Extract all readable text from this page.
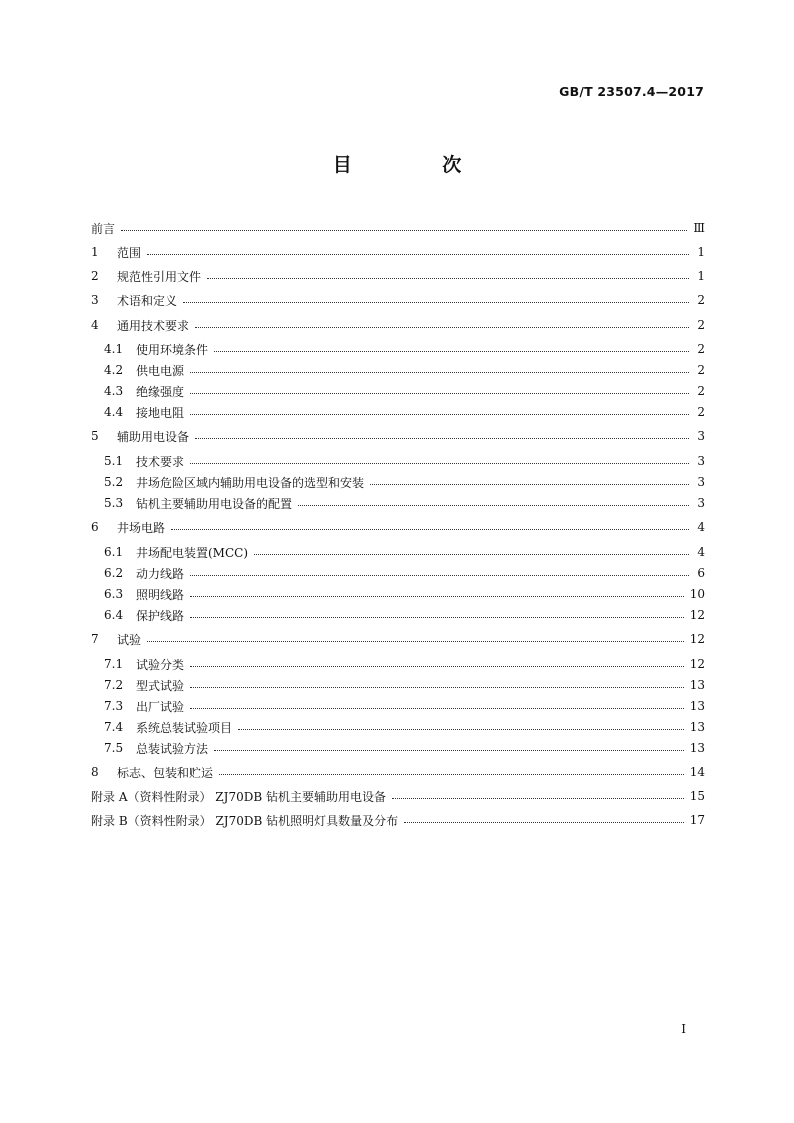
GB/T 23507.4—2017
目 次
前言	Ⅲ
1	范围	1
2	规范性引用文件	1
3	术语和定义	2
4	通用技术要求	2
4.1 使用环境条件	2
4.2 供电电源	2
4.3 绝缘强度	2
4.4 接地电阻	2
5	辅助用电设备	3
5.1 技术要求	3
5.2 井场危险区域内辅助用电设备的选型和安装	3
5.3 钻机主要辅助用电设备的配置	3
6	井场电路	4
6.1 井场配电装置(MCC)	4
6.2 动力线路	6
6.3 照明线路	10
6.4 保护线路	12
7	试验	12
7.1 试验分类	12
7.2 型式试验	13
7.3 出厂试验	13
7.4 系统总装试验项目	13
7.5 总装试验方法	13
8	标志、包装和贮运	14
附录 A（资料性附录） ZJ70DB 钻机主要辅助用电设备	15
附录 B（资料性附录） ZJ70DB 钻机照明灯具数量及分布	17
I
